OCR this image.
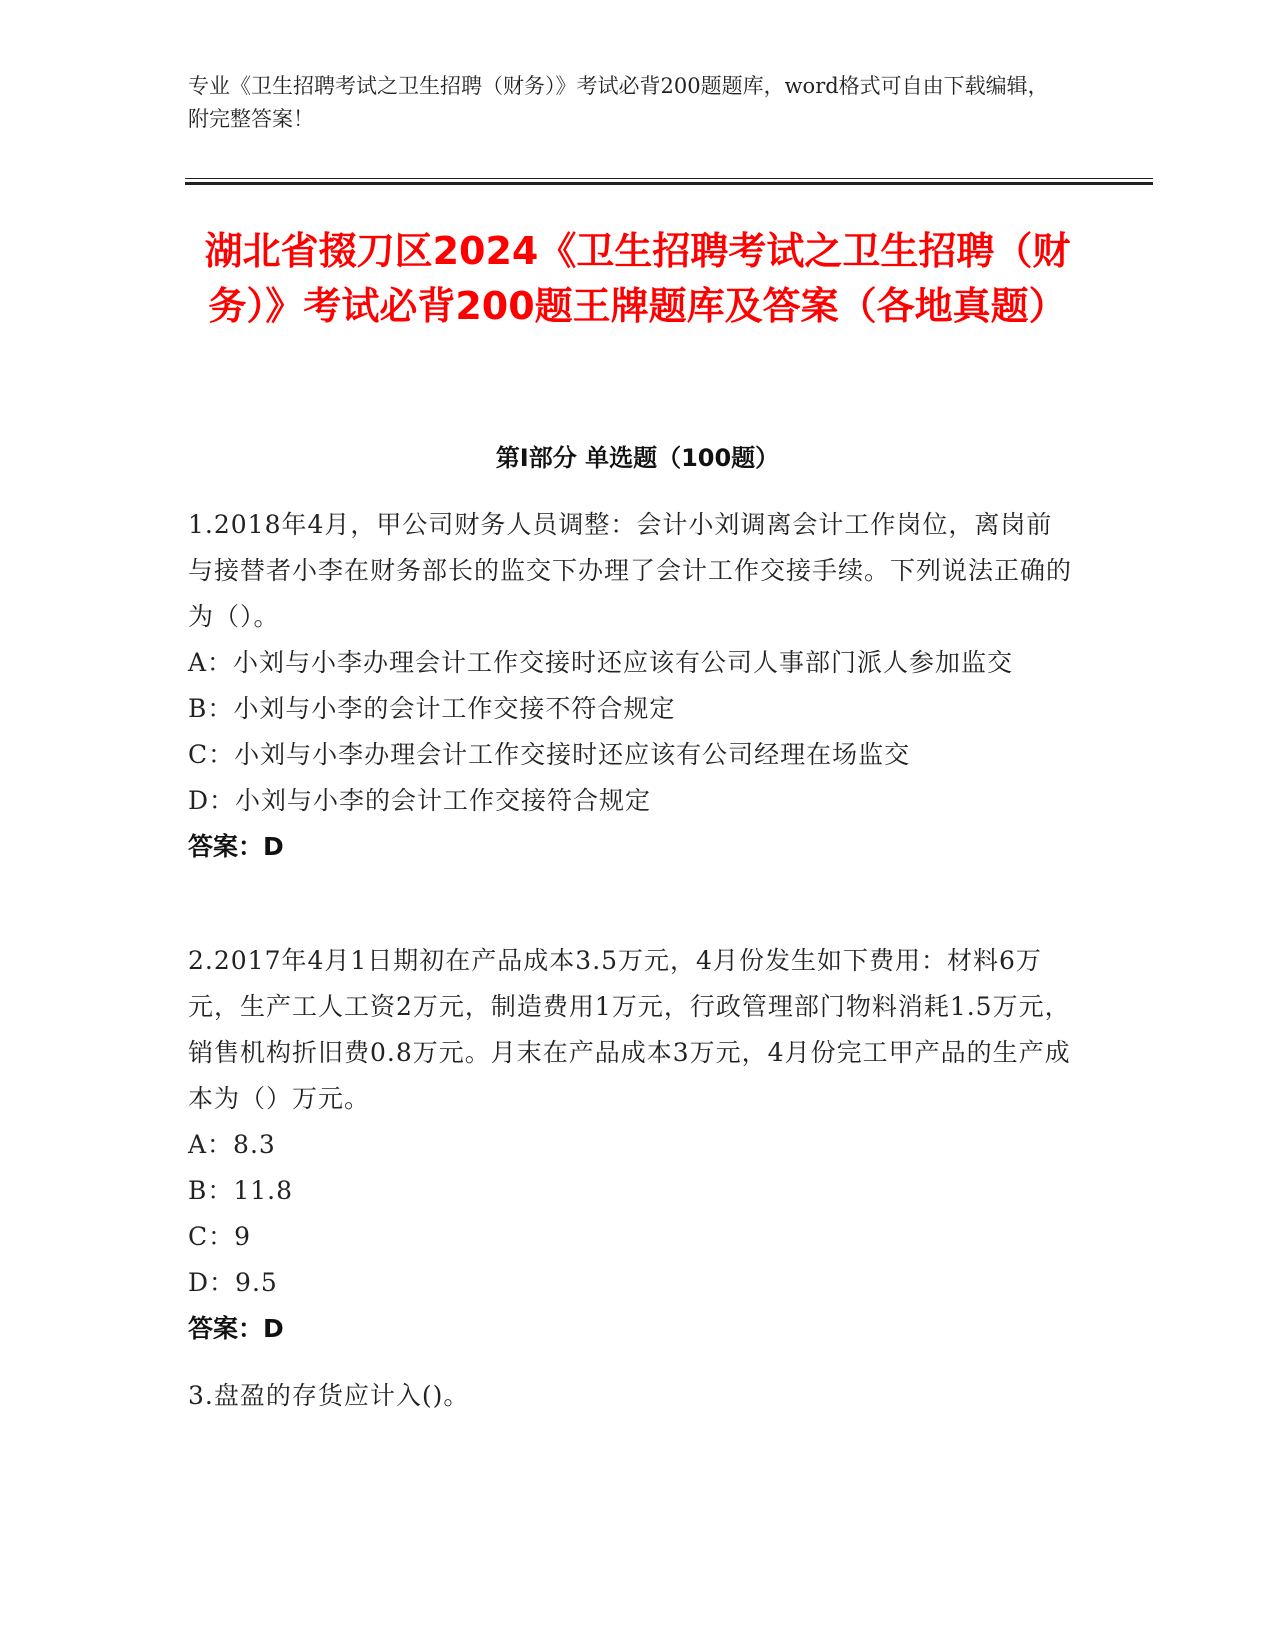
专业《卫生招聘考试之卫生招聘（财务）》考试必背200题题库，word格式可自由下载编辑，附完整答案！
湖北省掇刀区2024《卫生招聘考试之卫生招聘（财务）》考试必背200题王牌题库及答案（各地真题）
第I部分 单选题（100题）
1.2018年4月，甲公司财务人员调整：会计小刘调离会计工作岗位，离岗前与接替者小李在财务部长的监交下办理了会计工作交接手续。下列说法正确的为（）。
A：小刘与小李办理会计工作交接时还应该有公司人事部门派人参加监交
B：小刘与小李的会计工作交接不符合规定
C：小刘与小李办理会计工作交接时还应该有公司经理在场监交
D：小刘与小李的会计工作交接符合规定
答案：D
2.2017年4月1日期初在产品成本3.5万元，4月份发生如下费用：材料6万元，生产工人工资2万元，制造费用1万元，行政管理部门物料消耗1.5万元，销售机构折旧费0.8万元。月末在产品成本3万元，4月份完工甲产品的生产成本为（）万元。
A：8.3
B：11.8
C：9
D：9.5
答案：D
3.盘盈的存货应计入()。
